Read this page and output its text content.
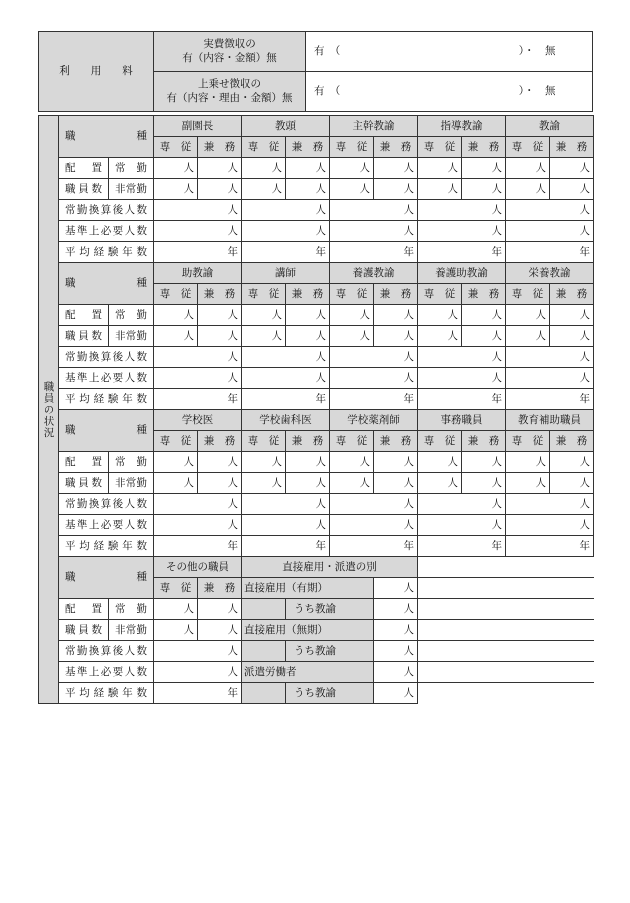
利　　用　　料	実費徴収の
有（内容・金額）無	有　（　　　　　　　　　　　　　　　　　）・　無
	上乗せ徴収の
有（内容・理由・金額）無	有　（　　　　　　　　　　　　　　　　　）・　無
職員の状況	職　　　種		副園長		教頭		主幹教諭		指導教諭		教諭	
			専　従	兼　務	専　従	兼　務	専　従	兼　務	専　従	兼　務	専　従	兼　務
	配　置	常　勤	人	人	人	人	人	人	人	人	人	人
	職員数	非常勤	人	人	人	人	人	人	人	人	人	人
	常勤換算後人数		人		人		人		人		人	
	基準上必要人数		人		人		人		人		人	
	平均経験年数		年		年		年		年		年	
	職　　　種		助教諭		講師		養護教諭		養護助教諭		栄養教諭	
			専　従	兼　務	専　従	兼　務	専　従	兼　務	専　従	兼　務	専　従	兼　務
	配　置	常　勤	人	人	人	人	人	人	人	人	人	人
	職員数	非常勤	人	人	人	人	人	人	人	人	人	人
	常勤換算後人数		人		人		人		人		人	
	基準上必要人数		人		人		人		人		人	
	平均経験年数		年		年		年		年		年	
	職　　　種		学校医		学校歯科医		学校薬剤師		事務職員		教育補助職員	
			専　従	兼　務	専　従	兼　務	専　従	兼　務	専　従	兼　務	専　従	兼　務
	配　置	常　勤	人	人	人	人	人	人	人	人	人	人
	職員数	非常勤	人	人	人	人	人	人	人	人	人	人
	常勤換算後人数		人		人		人		人		人	
	基準上必要人数		人		人		人		人		人	
	平均経験年数		年		年		年		年		年	
	職　　　種		その他の職員		直接雇用・派遣の別							
			専　従	兼　務	直接雇用（有期）			人				
	配　置	常　勤	人	人		うち教諭		人				
	職員数	非常勤	人	人	直接雇用（無期）			人				
	常勤換算後人数		人			うち教諭		人				
	基準上必要人数		人		派遣労働者			人				
	平均経験年数		年			うち教諭		人				
